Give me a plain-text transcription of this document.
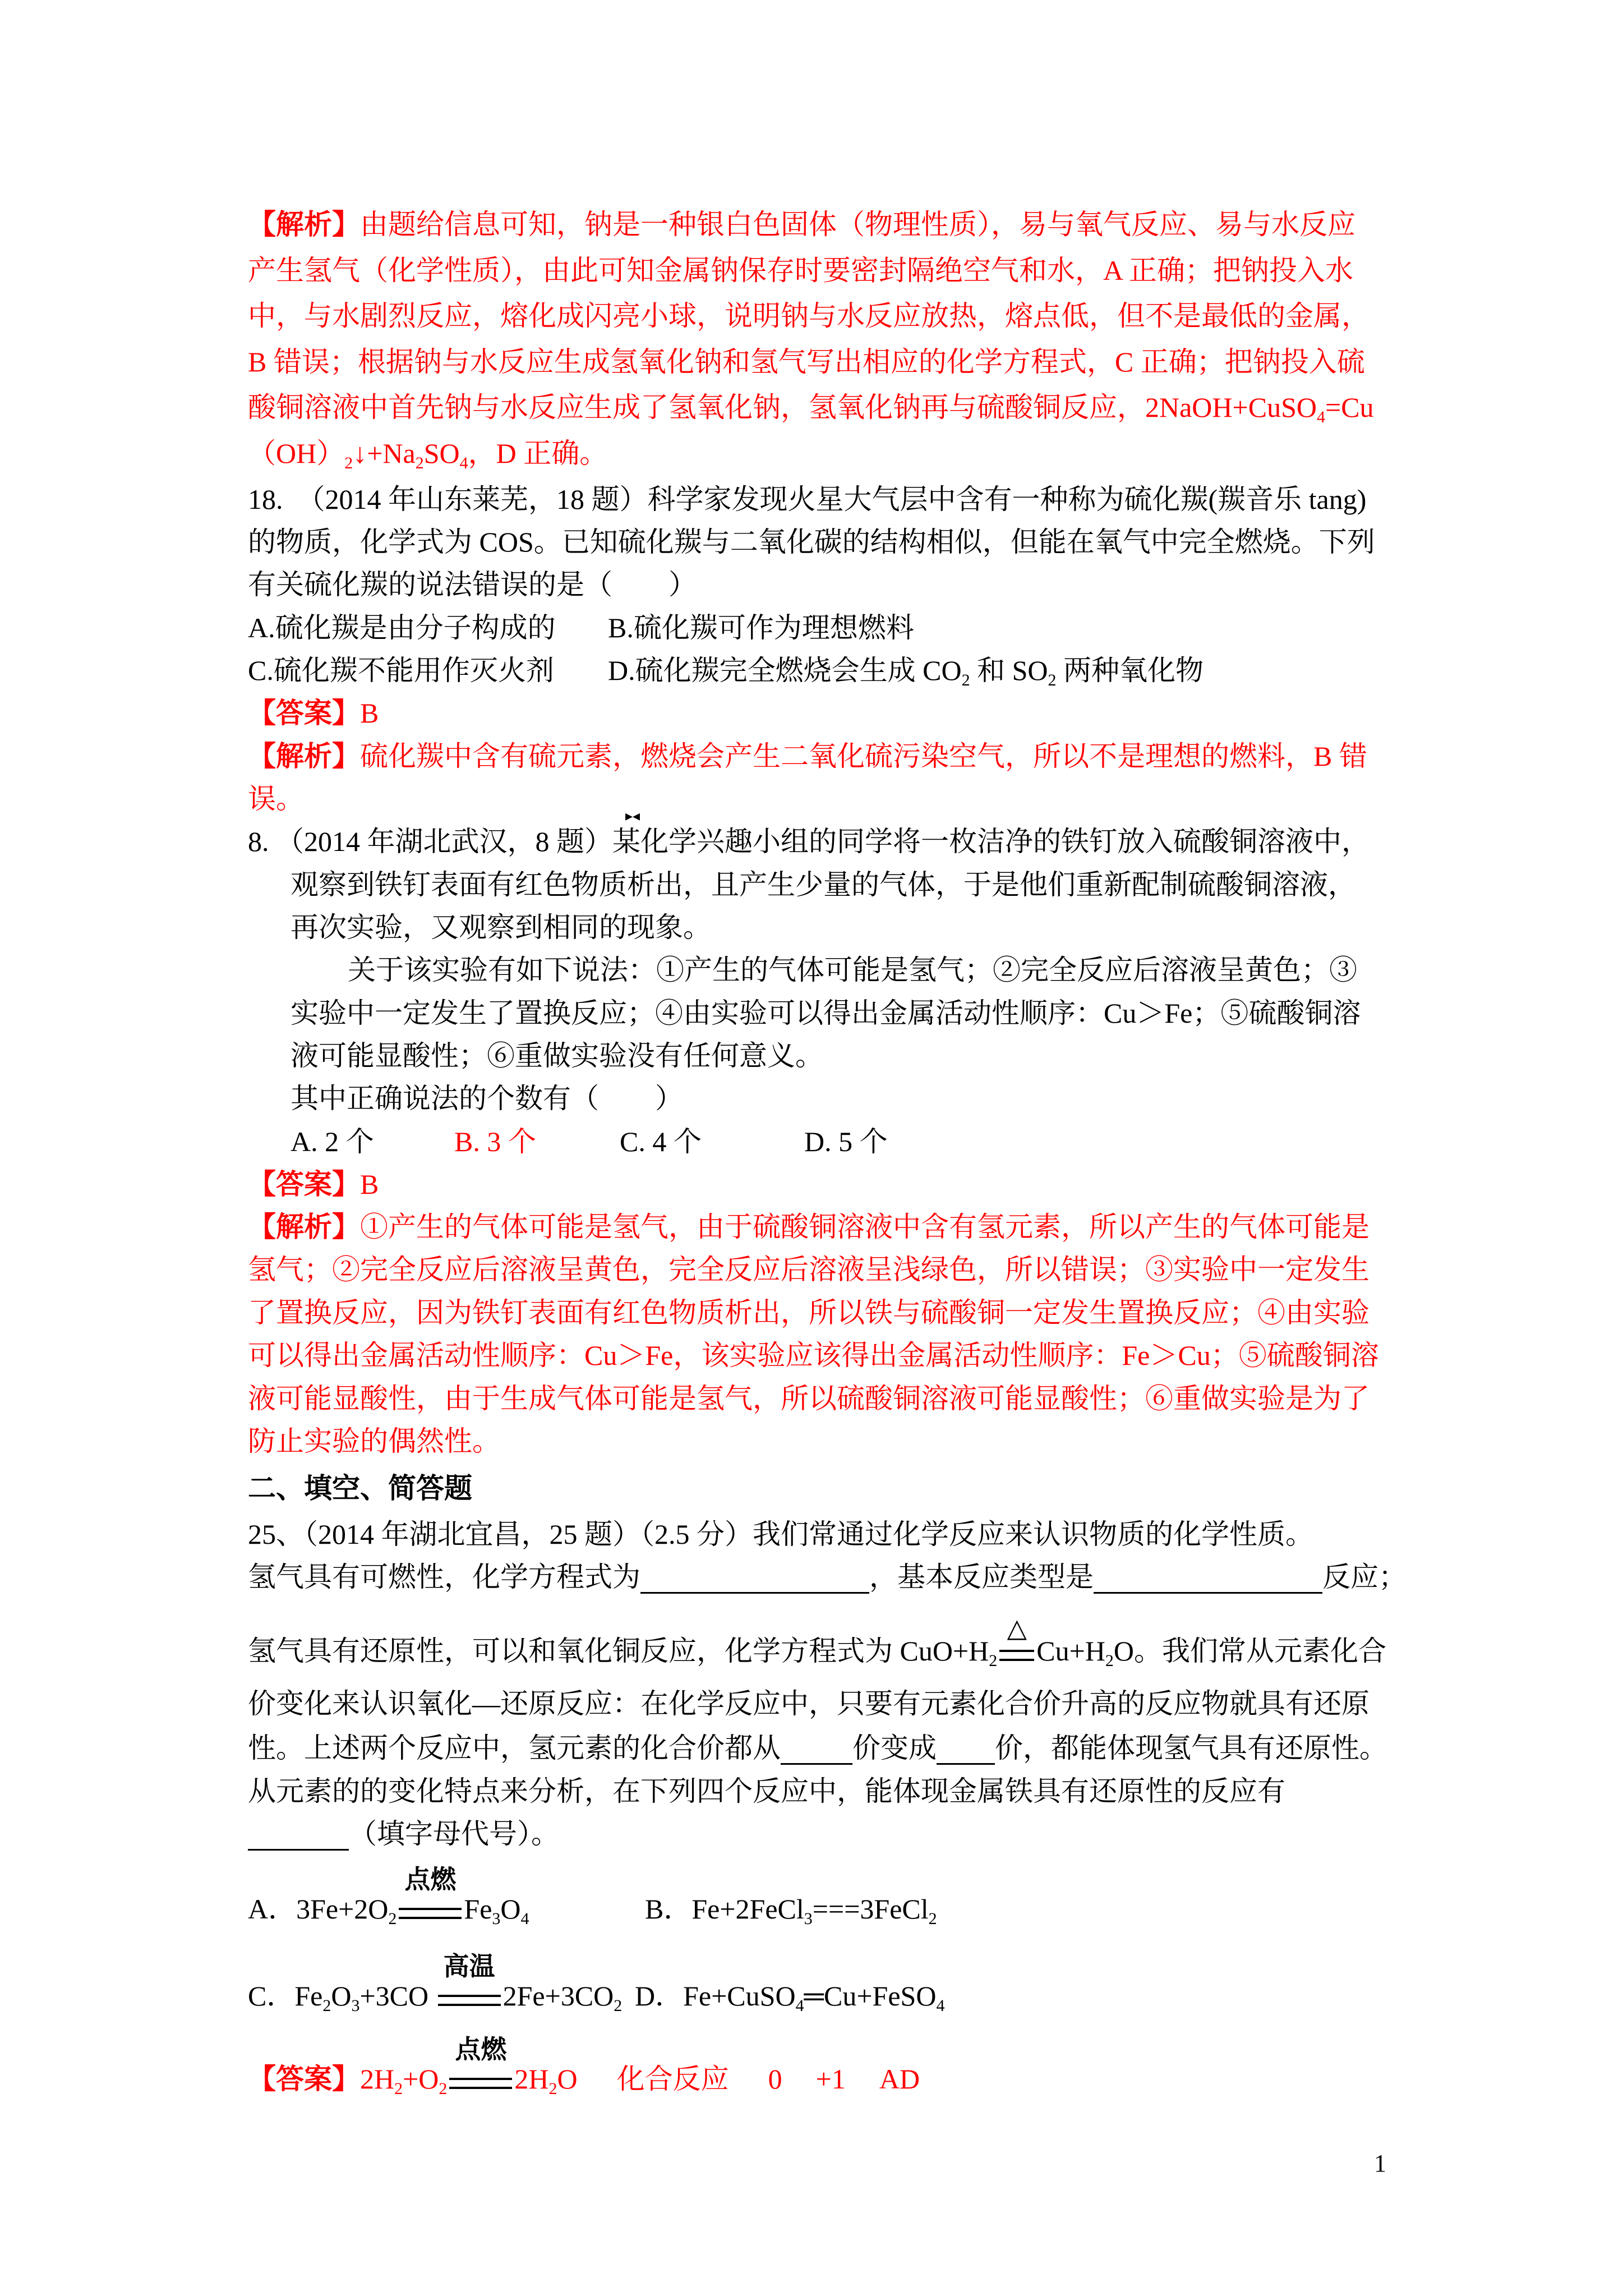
【解析】由题给信息可知，钠是一种银白色固体（物理性质），易与氧气反应、易与水反应
产生氢气（化学性质），由此可知金属钠保存时要密封隔绝空气和水，A 正确；把钠投入水
中，与水剧烈反应，熔化成闪亮小球，说明钠与水反应放热，熔点低，但不是最低的金属，
B 错误；根据钠与水反应生成氢氧化钠和氢气写出相应的化学方程式，C 正确；把钠投入硫
酸铜溶液中首先钠与水反应生成了氢氧化钠，氢氧化钠再与硫酸铜反应，2NaOH+CuSO$_4$=Cu
$(OH)_2↓+Na_2SO_4$，D 正确。
18.　（2014 年山东莱芜，18 题）科学家发现火星大气层中含有一种称为硫化羰(羰音乐 tang)
的物质，化学式为 COS。已知硫化羰与二氧化碳的结构相似，但能在氧气中完全燃烧。下列
有关硫化羰的说法错误的是（　　）
A.硫化羰是由分子构成的 B.硫化羰可作为理想燃料
C.硫化羰不能用作灭火剂 D.硫化羰完全燃烧会生成 $CO_2$ 和 $SO_2$ 两种氧化物
【答案】B
【解析】硫化羰中含有硫元素，燃烧会产生二氧化硫污染空气，所以不是理想的燃料，B 错
误。
▸◂
8. （2014 年湖北武汉，8 题）某化学兴趣小组的同学将一枚洁净的铁钉放入硫酸铜溶液中，
观察到铁钉表面有红色物质析出，且产生少量的气体，于是他们重新配制硫酸铜溶液，
再次实验，又观察到相同的现象。
关于该实验有如下说法：①产生的气体可能是氢气；②完全反应后溶液呈黄色；③
实验中一定发生了置换反应；④由实验可以得出金属活动性顺序：Cu＞Fe；⑤硫酸铜溶
液可能显酸性；⑥重做实验没有任何意义。
其中正确说法的个数有（　　）
A. 2 个	B. 3 个	C. 4 个	D. 5 个
【答案】B
【解析】①产生的气体可能是氢气，由于硫酸铜溶液中含有氢元素，所以产生的气体可能是
氢气；②完全反应后溶液呈黄色，完全反应后溶液呈浅绿色，所以错误；③实验中一定发生
了置换反应，因为铁钉表面有红色物质析出，所以铁与硫酸铜一定发生置换反应；④由实验
可以得出金属活动性顺序：Cu＞Fe，该实验应该得出金属活动性顺序：Fe＞Cu；⑤硫酸铜溶
液可能显酸性，由于生成气体可能是氢气，所以硫酸铜溶液可能显酸性；⑥重做实验是为了
防止实验的偶然性。
二、填空、简答题
25、（2014 年湖北宜昌，25 题）（2.5 分）我们常通过化学反应来认识物质的化学性质。
氢气具有可燃性，化学方程式为	，基本反应类型是	反应；
氢气具有还原性，可以和氧化铜反应，化学方程式为 $CuO+H_2$
△
$Cu+H_2O$。我们常从元素化合
价变化来认识氧化—还原反应：在化学反应中，只要有元素化合价升高的反应物就具有还原
性。上述两个反应中，氢元素的化合价都从	价变成 价，都能体现氢气具有还原性。
从元素的的变化特点来分析，在下列四个反应中，能体现金属铁具有还原性的反应有
（填字母代号）。
A．$3Fe+2O_2$
点燃
$Fe_3O_4$	B．Fe+2FeCl$_3$===3FeCl$_2$
C．$Fe_2O_3+3CO$
高温
$2Fe+3CO_2$ D．Fe+CuSO$_4$═Cu+FeSO$_4$
【答案】$2H_2+O_2$
点燃
$2H_2O$ 化合反应 0 +1 AD
1
